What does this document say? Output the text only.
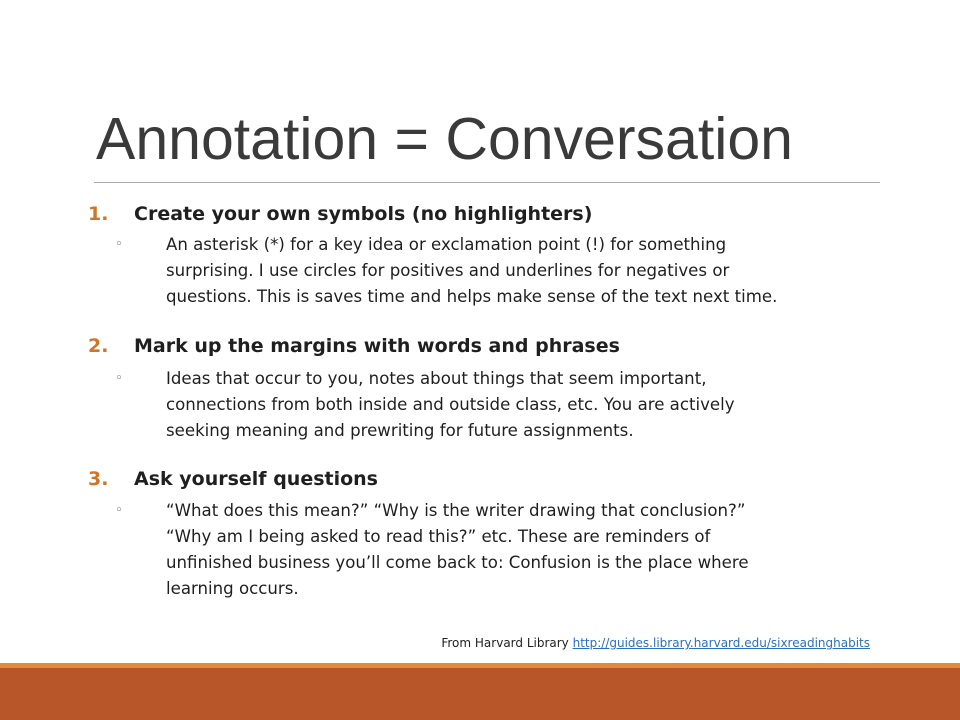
Annotation = Conversation
1.	Create your own symbols (no highlighters)
◦	An asterisk (*) for a key idea or exclamation point (!) for something
surprising. I use circles for positives and underlines for negatives or
questions. This is saves time and helps make sense of the text next time.
2.	Mark up the margins with words and phrases
◦	Ideas that occur to you, notes about things that seem important,
connections from both inside and outside class, etc. You are actively
seeking meaning and prewriting for future assignments.
3.	Ask yourself questions
◦	“What does this mean?” “Why is the writer drawing that conclusion?”
“Why am I being asked to read this?” etc. These are reminders of
unfinished business you’ll come back to: Confusion is the place where
learning occurs.
From Harvard Library http://guides.library.harvard.edu/sixreadinghabits
